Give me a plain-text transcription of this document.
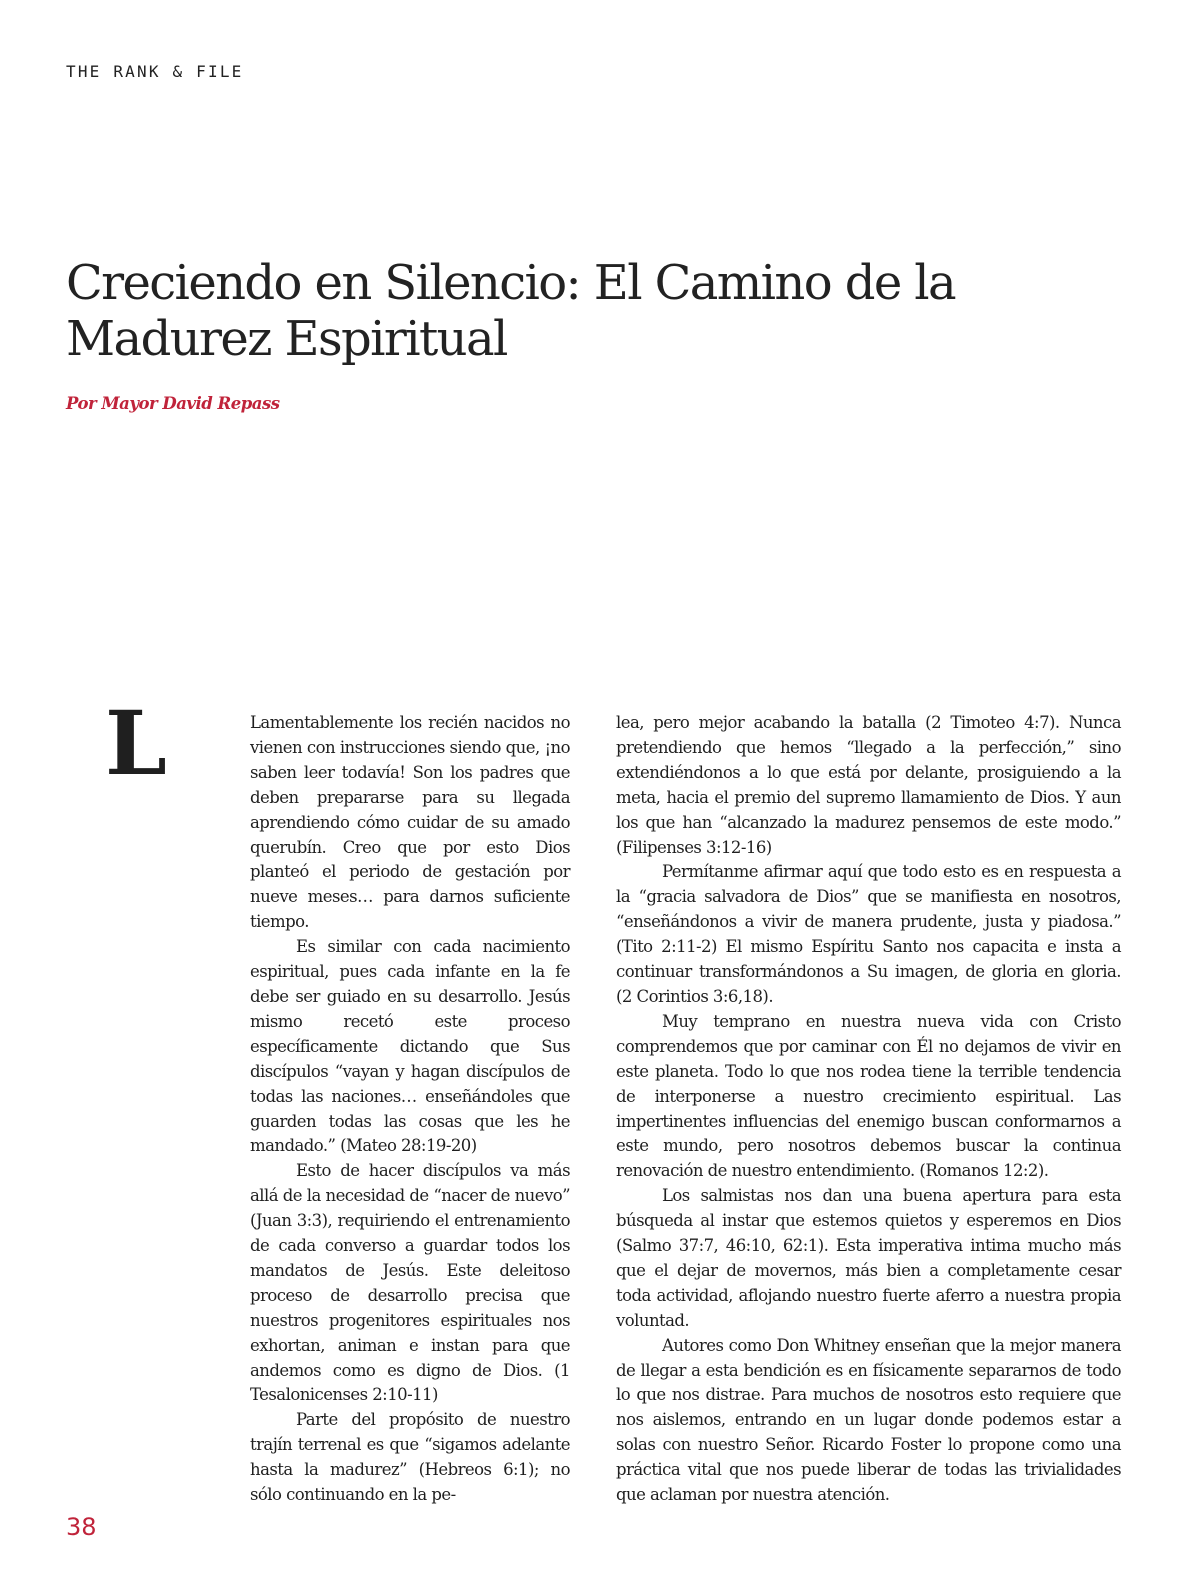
THE RANK & FILE
Creciendo en Silencio: El Camino de la Madurez Espiritual
Por Mayor David Repass
L	Lamentablemente los recién nacidos no vienen con instrucciones siendo que, ¡no saben leer todavía! Son los padres que deben prepararse para su llegada aprendiendo cómo cuidar de su amado querubín. Creo que por esto Dios planteó el periodo de gestación por nueve meses… para darnos suficiente tiempo.

Es similar con cada nacimiento espiritual, pues cada infante en la fe debe ser guiado en su desarrollo. Jesús mismo recetó este proceso específicamente dictando que Sus discípulos “vayan y hagan discípulos de todas las naciones… enseñándoles que guarden todas las cosas que les he mandado.” (Mateo 28:19-20)

Esto de hacer discípulos va más allá de la necesidad de “nacer de nuevo” (Juan 3:3), requiriendo el entrenamiento de cada converso a guardar todos los mandatos de Jesús. Este deleitoso proceso de desarrollo precisa que nuestros progenitores espirituales nos exhortan, animan e instan para que andemos como es digno de Dios. (1 Tesalonicenses 2:10-11)

Parte del propósito de nuestro trajín terrenal es que “sigamos adelante hasta la madurez” (Hebreos 6:1); no sólo continuando en la pe-

lea, pero mejor acabando la batalla (2 Timoteo 4:7). Nunca pretendiendo que hemos “llegado a la perfección,” sino extendiéndonos a lo que está por delante, prosiguiendo a la meta, hacia el premio del supremo llamamiento de Dios. Y aun los que han “alcanzado la madurez pensemos de este modo.” (Filipenses 3:12-16)

Permítanme afirmar aquí que todo esto es en respuesta a la “gracia salvadora de Dios” que se manifiesta en nosotros, “enseñándonos a vivir de manera prudente, justa y piadosa.” (Tito 2:11-2) El mismo Espíritu Santo nos capacita e insta a continuar transformándonos a Su imagen, de gloria en gloria. (2 Corintios 3:6,18).

Muy temprano en nuestra nueva vida con Cristo comprendemos que por caminar con Él no dejamos de vivir en este planeta. Todo lo que nos rodea tiene la terrible tendencia de interponerse a nuestro crecimiento espiritual. Las impertinentes influencias del enemigo buscan conformarnos a este mundo, pero nosotros debemos buscar la continua renovación de nuestro entendimiento. (Romanos 12:2).

Los salmistas nos dan una buena apertura para esta búsqueda al instar que estemos quietos y esperemos en Dios (Salmo 37:7, 46:10, 62:1). Esta imperativa intima mucho más que el dejar de movernos, más bien a completamente cesar toda actividad, aflojando nuestro fuerte aferro a nuestra propia voluntad.

Autores como Don Whitney enseñan que la mejor manera de llegar a esta bendición es en físicamente separarnos de todo lo que nos distrae. Para muchos de nosotros esto requiere que nos aislemos, entrando en un lugar donde podemos estar a solas con nuestro Señor. Ricardo Foster lo propone como una práctica vital que nos puede liberar de todas las trivialidades que aclaman por nuestra atención.

38
